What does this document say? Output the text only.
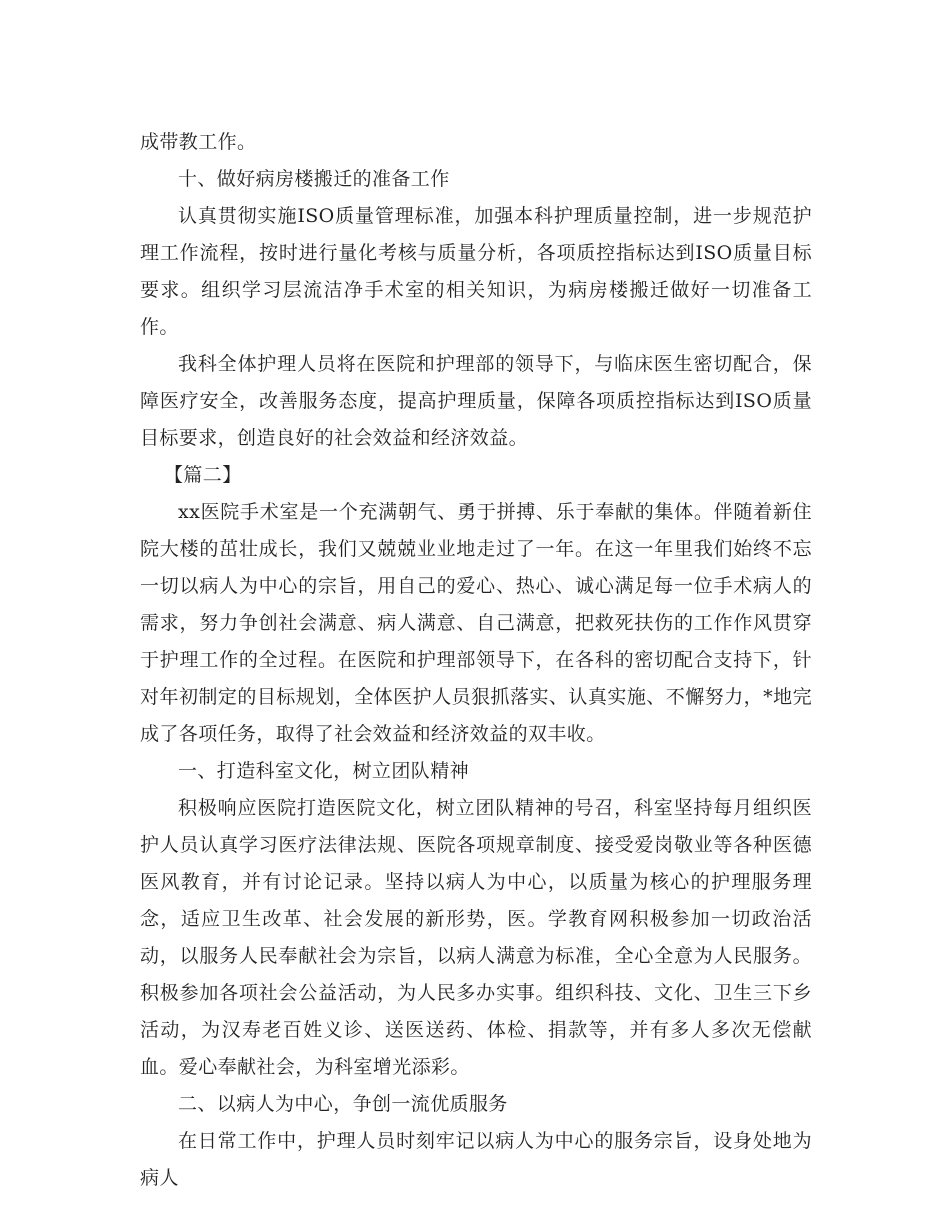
成带教工作。

十、做好病房楼搬迁的准备工作

认真贯彻实施ISO质量管理标准，加强本科护理质量控制，进一步规范护理工作流程，按时进行量化考核与质量分析，各项质控指标达到ISO质量目标要求。组织学习层流洁净手术室的相关知识，为病房楼搬迁做好一切准备工作。

我科全体护理人员将在医院和护理部的领导下，与临床医生密切配合，保障医疗安全，改善服务态度，提高护理质量，保障各项质控指标达到ISO质量目标要求，创造良好的社会效益和经济效益。

【篇二】

xx医院手术室是一个充满朝气、勇于拼搏、乐于奉献的集体。伴随着新住院大楼的茁壮成长，我们又兢兢业业地走过了一年。在这一年里我们始终不忘一切以病人为中心的宗旨，用自己的爱心、热心、诚心满足每一位手术病人的需求，努力争创社会满意、病人满意、自己满意，把救死扶伤的工作作风贯穿于护理工作的全过程。在医院和护理部领导下，在各科的密切配合支持下，针对年初制定的目标规划，全体医护人员狠抓落实、认真实施、不懈努力，*地完成了各项任务，取得了社会效益和经济效益的双丰收。

一、打造科室文化，树立团队精神

积极响应医院打造医院文化，树立团队精神的号召，科室坚持每月组织医护人员认真学习医疗法律法规、医院各项规章制度、接受爱岗敬业等各种医德医风教育，并有讨论记录。坚持以病人为中心，以质量为核心的护理服务理念，适应卫生改革、社会发展的新形势，医。学教育网积极参加一切政治活动，以服务人民奉献社会为宗旨，以病人满意为标准，全心全意为人民服务。积极参加各项社会公益活动，为人民多办实事。组织科技、文化、卫生三下乡活动，为汉寿老百姓义诊、送医送药、体检、捐款等，并有多人多次无偿献血。爱心奉献社会，为科室增光添彩。

二、以病人为中心，争创一流优质服务

在日常工作中，护理人员时刻牢记以病人为中心的服务宗旨，设身处地为病人
